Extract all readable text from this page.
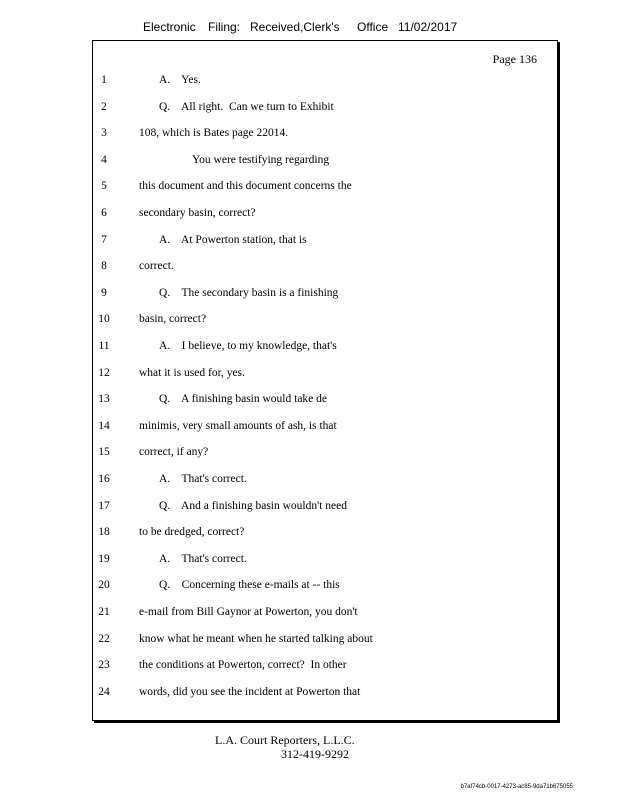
Electronic Filing: Received,Clerk's Office 11/02/2017
Page 136
1	A.    Yes.
2	Q.    All right.  Can we turn to Exhibit
3	108, which is Bates page 22014.
4	You were testifying regarding
5	this document and this document concerns the
6	secondary basin, correct?
7	A.    At Powerton station, that is
8	correct.
9	Q.    The secondary basin is a finishing
10	basin, correct?
11	A.    I believe, to my knowledge, that's
12	what it is used for, yes.
13	Q.    A finishing basin would take de
14	minimis, very small amounts of ash, is that
15	correct, if any?
16	A.    That's correct.
17	Q.    And a finishing basin wouldn't need
18	to be dredged, correct?
19	A.    That's correct.
20	Q.    Concerning these e-mails at -- this
21	e-mail from Bill Gaynor at Powerton, you don't
22	know what he meant when he started talking about
23	the conditions at Powerton, correct?  In other
24	words, did you see the incident at Powerton that
L.A. Court Reporters, L.L.C.
312-419-9292
b7af74cb-0017-4273-ac85-9da71b675055
